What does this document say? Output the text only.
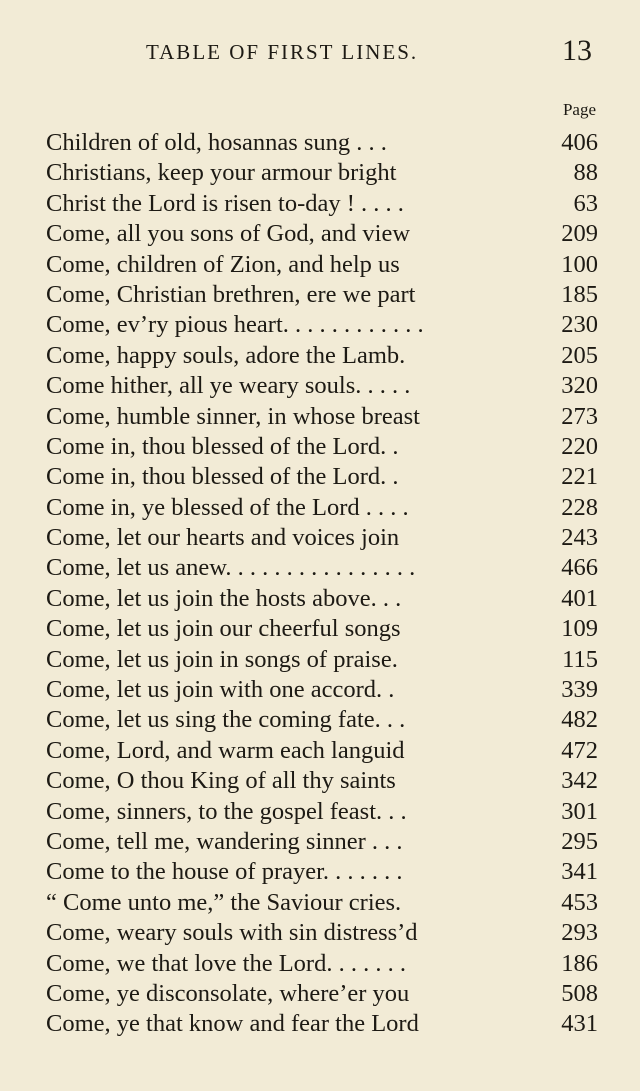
TABLE OF FIRST LINES.	13
Page
Children of old, hosannas sung . . .	406
Christians, keep your armour bright	88
Christ the Lord is risen to-day ! . . . .	63
Come, all you sons of God, and view	209
Come, children of Zion, and help us	100
Come, Christian brethren, ere we part	185
Come, ev’ry pious heart. . . . . . . . . . . .	230
Come, happy souls, adore the Lamb.	205
Come hither, all ye weary souls. . . . .	320
Come, humble sinner, in whose breast	273
Come in, thou blessed of the Lord. .	220
Come in, thou blessed of the Lord. .	221
Come in, ye blessed of the Lord . . . .	228
Come, let our hearts and voices join	243
Come, let us anew. . . . . . . . . . . . . . . .	466
Come, let us join the hosts above. . .	401
Come, let us join our cheerful songs	109
Come, let us join in songs of praise.	115
Come, let us join with one accord. .	339
Come, let us sing the coming fate. . .	482
Come, Lord, and warm each languid	472
Come, O thou King of all thy saints	342
Come, sinners, to the gospel feast. . .	301
Come, tell me, wandering sinner . . .	295
Come to the house of prayer. . . . . . .	341
“ Come unto me,” the Saviour cries.	453
Come, weary souls with sin distress’d	293
Come, we that love the Lord. . . . . . .	186
Come, ye disconsolate, where’er you	508
Come, ye that know and fear the Lord	431
